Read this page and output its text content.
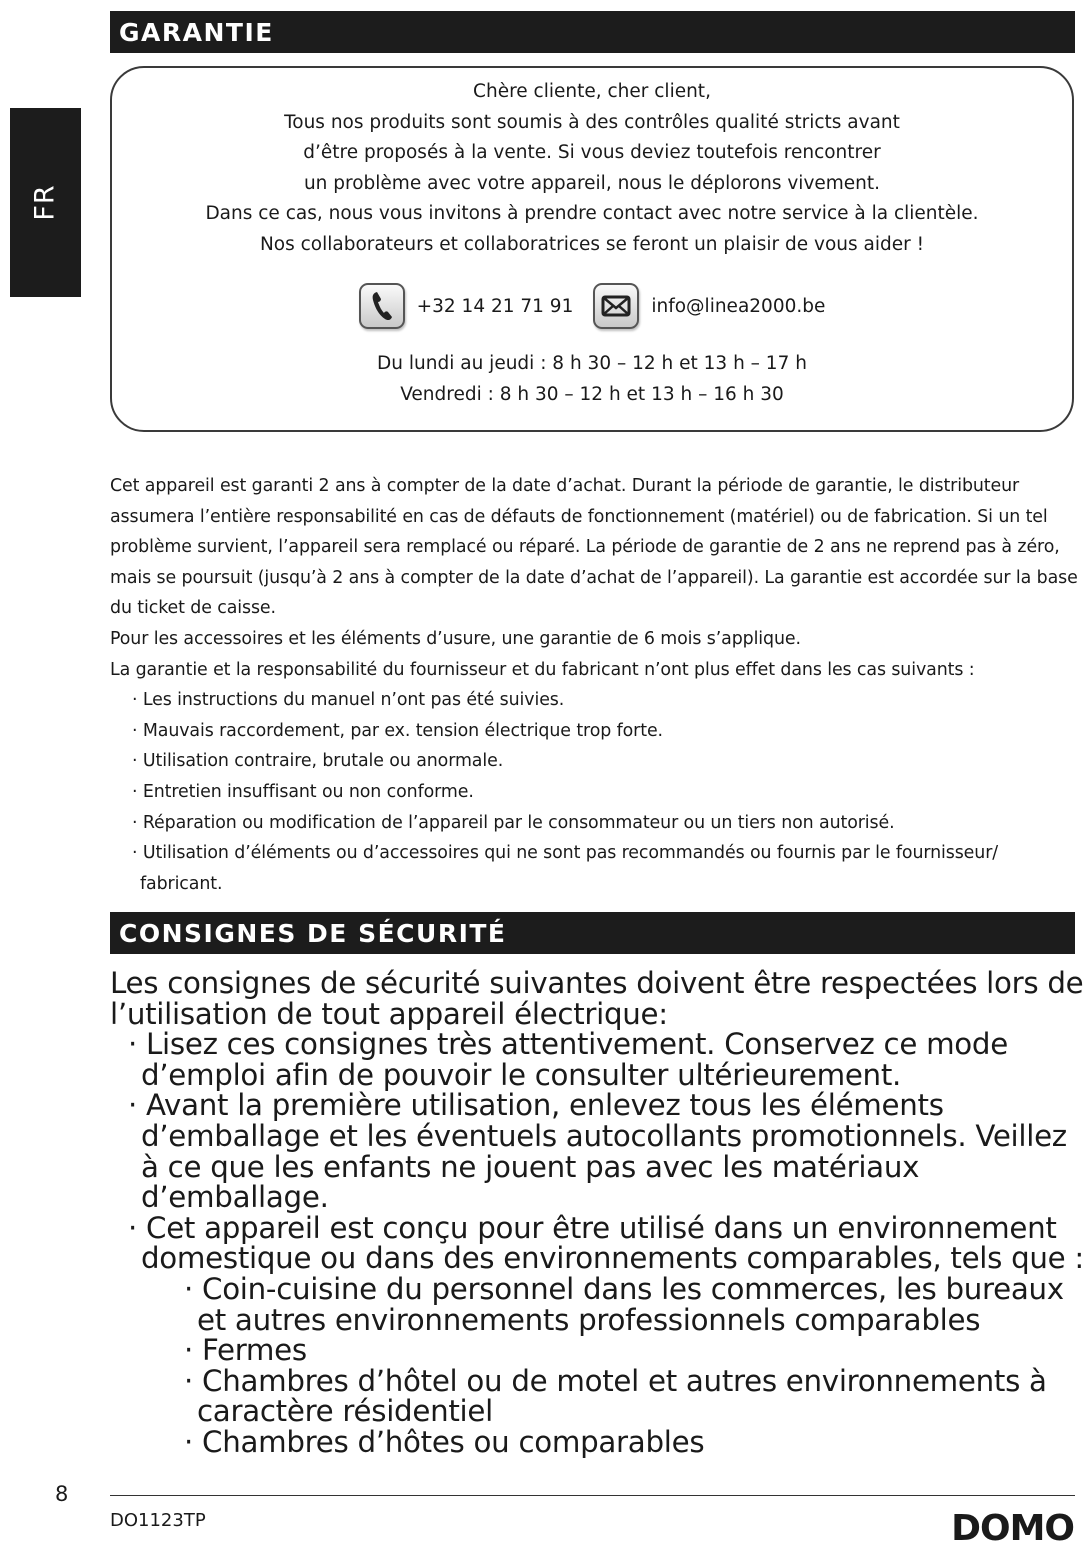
FR
GARANTIE
Chère cliente, cher client,
Tous nos produits sont soumis à des contrôles qualité stricts avant
d’être proposés à la vente. Si vous deviez toutefois rencontrer
un problème avec votre appareil, nous le déplorons vivement.
Dans ce cas, nous vous invitons à prendre contact avec notre service à la clientèle.
Nos collaborateurs et collaboratrices se feront un plaisir de vous aider !
+32 14 21 71 91	info@linea2000.be
Du lundi au jeudi : 8 h 30 – 12 h et 13 h – 17 h
Vendredi : 8 h 30 – 12 h et 13 h – 16 h 30

Cet appareil est garanti 2 ans à compter de la date d’achat. Durant la période de garantie, le distributeur assumera l’entière responsabilité en cas de défauts de fonctionnement (matériel) ou de fabrication. Si un tel problème survient, l’appareil sera remplacé ou réparé. La période de garantie de 2 ans ne reprend pas à zéro, mais se poursuit (jusqu’à 2 ans à compter de la date d’achat de l’appareil). La garantie est accordée sur la base du ticket de caisse.

Pour les accessoires et les éléments d’usure, une garantie de 6 mois s’applique.

La garantie et la responsabilité du fournisseur et du fabricant n’ont plus effet dans les cas suivants :

· Les instructions du manuel n’ont pas été suivies.
· Mauvais raccordement, par ex. tension électrique trop forte.
· Utilisation contraire, brutale ou anormale.
· Entretien insuffisant ou non conforme.
· Réparation ou modification de l’appareil par le consommateur ou un tiers non autorisé.
· Utilisation d’éléments ou d’accessoires qui ne sont pas recommandés ou fournis par le fournisseur/ fabricant.
CONSIGNES DE SÉCURITÉ

Les consignes de sécurité suivantes doivent être respectées lors de l’utilisation de tout appareil électrique:

· Lisez ces consignes très attentivement. Conservez ce mode d’emploi afin de pouvoir le consulter ultérieurement.
· Avant la première utilisation, enlevez tous les éléments d’emballage et les éventuels autocollants promotionnels. Veillez à ce que les enfants ne jouent pas avec les matériaux d’emballage.
· Cet appareil est conçu pour être utilisé dans un environnement domestique ou dans des environnements comparables, tels que :
· Coin-cuisine du personnel dans les commerces, les bureaux et autres environnements professionnels comparables
· Fermes
· Chambres d’hôtel ou de motel et autres environnements à caractère résidentiel
· Chambres d’hôtes ou comparables
8
DO1123TP	DOMO
